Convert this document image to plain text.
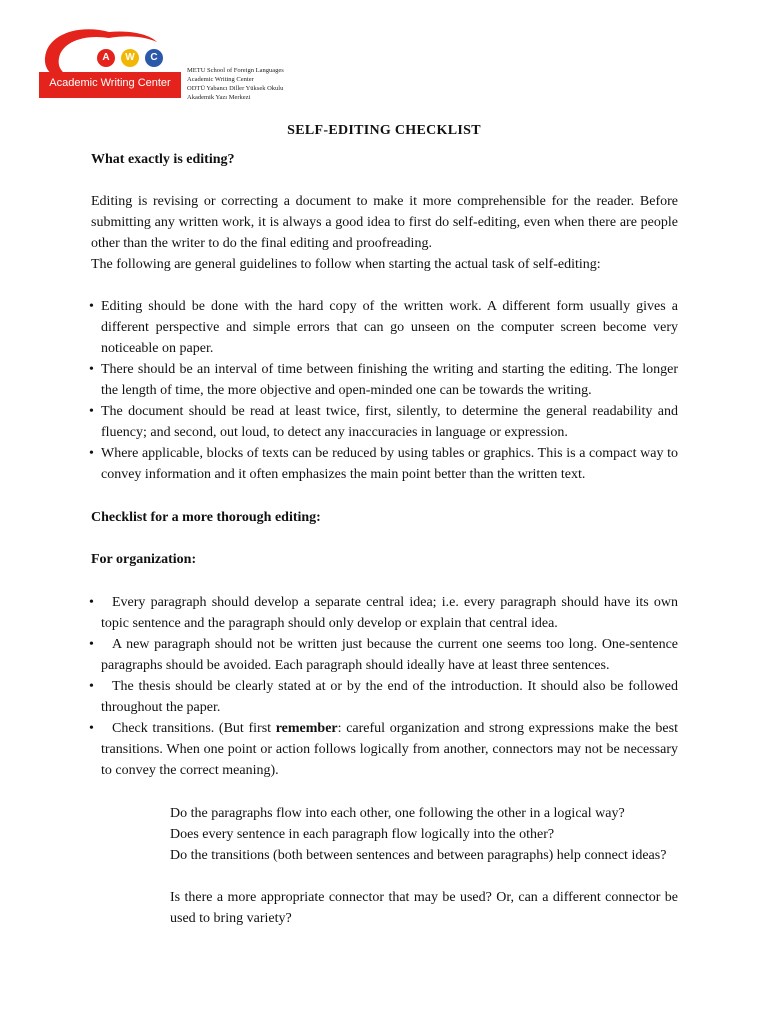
A	W	C
Academic Writing Center
METU School of Foreign Languages
Academic Writing Center
ODTÜ Yabancı Diller Yüksek Okulu
Akademik Yazı Merkezi
SELF-EDITING CHECKLIST
What exactly is editing?
Editing is revising or correcting a document to make it more comprehensible for the reader. Before submitting any written work, it is always a good idea to first do self-editing, even when there are people other than the writer to do the final editing and proofreading.
The following are general guidelines to follow when starting the actual task of self-editing:
• Editing should be done with the hard copy of the written work. A different form usually gives a different perspective and simple errors that can go unseen on the computer screen become very noticeable on paper.
• There should be an interval of time between finishing the writing and starting the editing. The longer the length of time, the more objective and open-minded one can be towards the writing.
• The document should be read at least twice, first, silently, to determine the general readability and fluency; and second, out loud, to detect any inaccuracies in language or expression.
• Where applicable, blocks of texts can be reduced by using tables or graphics. This is a compact way to convey information and it often emphasizes the main point better than the written text.
Checklist for a more thorough editing:
For organization:
• Every paragraph should develop a separate central idea; i.e. every paragraph should have its own topic sentence and the paragraph should only develop or explain that central idea.
• A new paragraph should not be written just because the current one seems too long. One-sentence paragraphs should be avoided. Each paragraph should ideally have at least three sentences.
• The thesis should be clearly stated at or by the end of the introduction. It should also be followed throughout the paper.
• Check transitions. (But first remember: careful organization and strong expressions make the best transitions. When one point or action follows logically from another, connectors may not be necessary to convey the correct meaning).
Do the paragraphs flow into each other, one following the other in a logical way?
Does every sentence in each paragraph flow logically into the other?
Do the transitions (both between sentences and between paragraphs) help connect ideas?
Is there a more appropriate connector that may be used? Or, can a different connector be used to bring variety?
